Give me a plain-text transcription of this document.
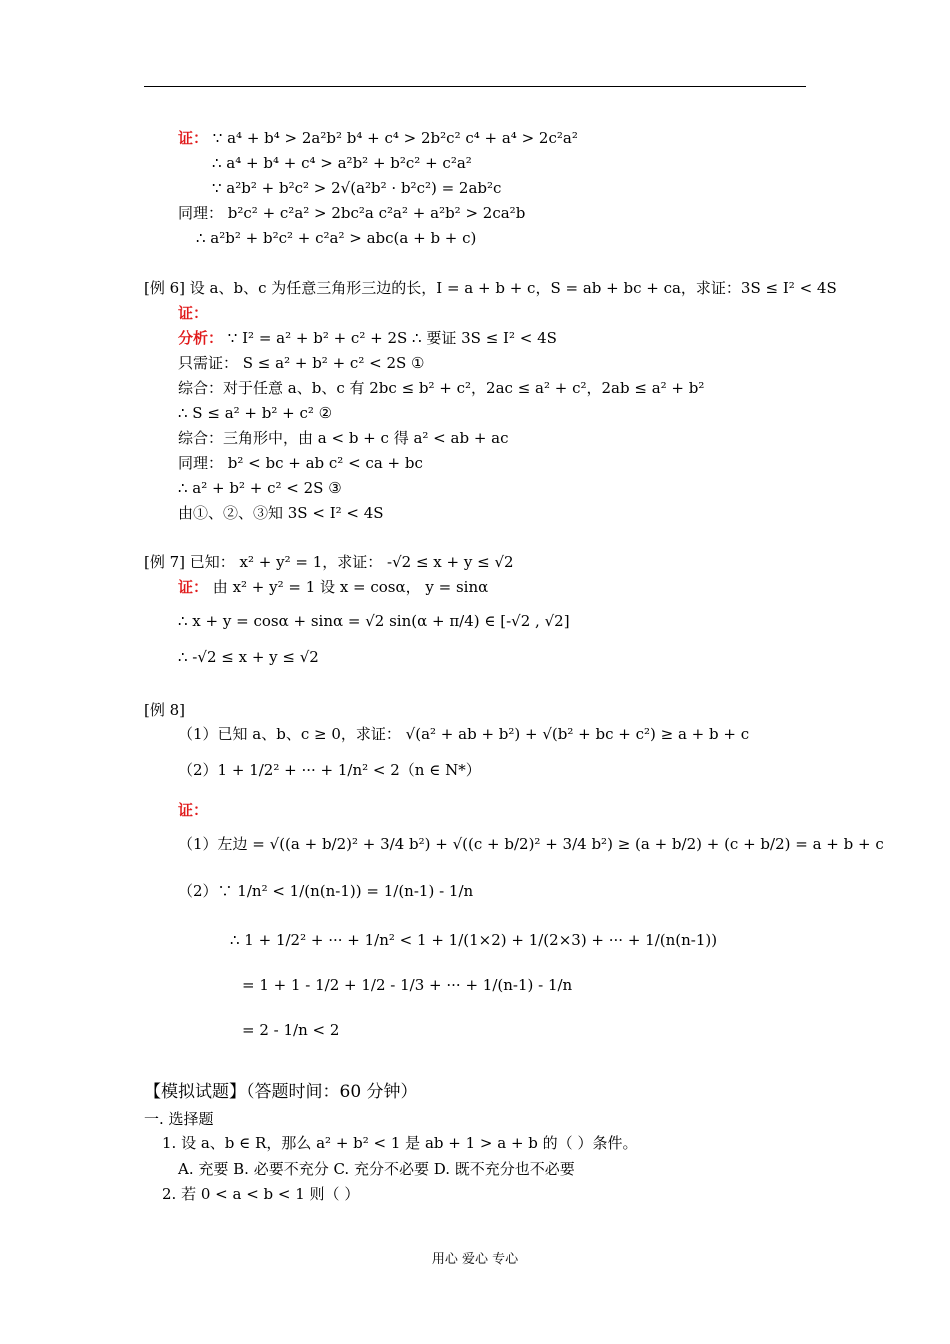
证： ∵ a⁴ + b⁴ > 2a²b² b⁴ + c⁴ > 2b²c² c⁴ + a⁴ > 2c²a²
∴ a⁴ + b⁴ + c⁴ > a²b² + b²c² + c²a²
∵ a²b² + b²c² > 2√(a²b² · b²c²) = 2ab²c
同理： b²c² + c²a² > 2bc²a c²a² + a²b² > 2ca²b
∴ a²b² + b²c² + c²a² > abc(a + b + c)
[例 6] 设 a、b、c 为任意三角形三边的长，I = a + b + c，S = ab + bc + ca，求证：3S ≤ I² < 4S
证：
分析： ∵ I² = a² + b² + c² + 2S ∴ 要证 3S ≤ I² < 4S
只需证： S ≤ a² + b² + c² < 2S ①
综合：对于任意 a、b、c 有 2bc ≤ b² + c²，2ac ≤ a² + c²，2ab ≤ a² + b²
∴ S ≤ a² + b² + c² ②
综合：三角形中，由 a < b + c 得 a² < ab + ac
同理： b² < bc + ab c² < ca + bc
∴ a² + b² + c² < 2S ③
由①、②、③知 3S < I² < 4S
[例 7] 已知： x² + y² = 1，求证： -√2 ≤ x + y ≤ √2
证： 由 x² + y² = 1 设 x = cosα， y = sinα
∴ x + y = cosα + sinα = √2 sin(α + π/4) ∈ [-√2 , √2]
∴ -√2 ≤ x + y ≤ √2
[例 8]
（1）已知 a、b、c ≥ 0，求证： √(a² + ab + b²) + √(b² + bc + c²) ≥ a + b + c
（2）1 + 1/2² + ··· + 1/n² < 2（n ∈ N*）
证：
（1）左边 = √((a + b/2)² + 3/4 b²) + √((c + b/2)² + 3/4 b²) ≥ (a + b/2) + (c + b/2) = a + b + c
（2）∵ 1/n² < 1/(n(n-1)) = 1/(n-1) - 1/n
∴ 1 + 1/2² + ··· + 1/n² < 1 + 1/(1×2) + 1/(2×3) + ··· + 1/(n(n-1))
= 1 + 1 - 1/2 + 1/2 - 1/3 + ··· + 1/(n-1) - 1/n
= 2 - 1/n < 2
【模拟试题】（答题时间：60 分钟）
一. 选择题
1. 设 a、b ∈ R，那么 a² + b² < 1 是 ab + 1 > a + b 的（ ）条件。
A. 充要 B. 必要不充分 C. 充分不必要 D. 既不充分也不必要
2. 若 0 < a < b < 1 则（ ）
用心 爱心 专心
